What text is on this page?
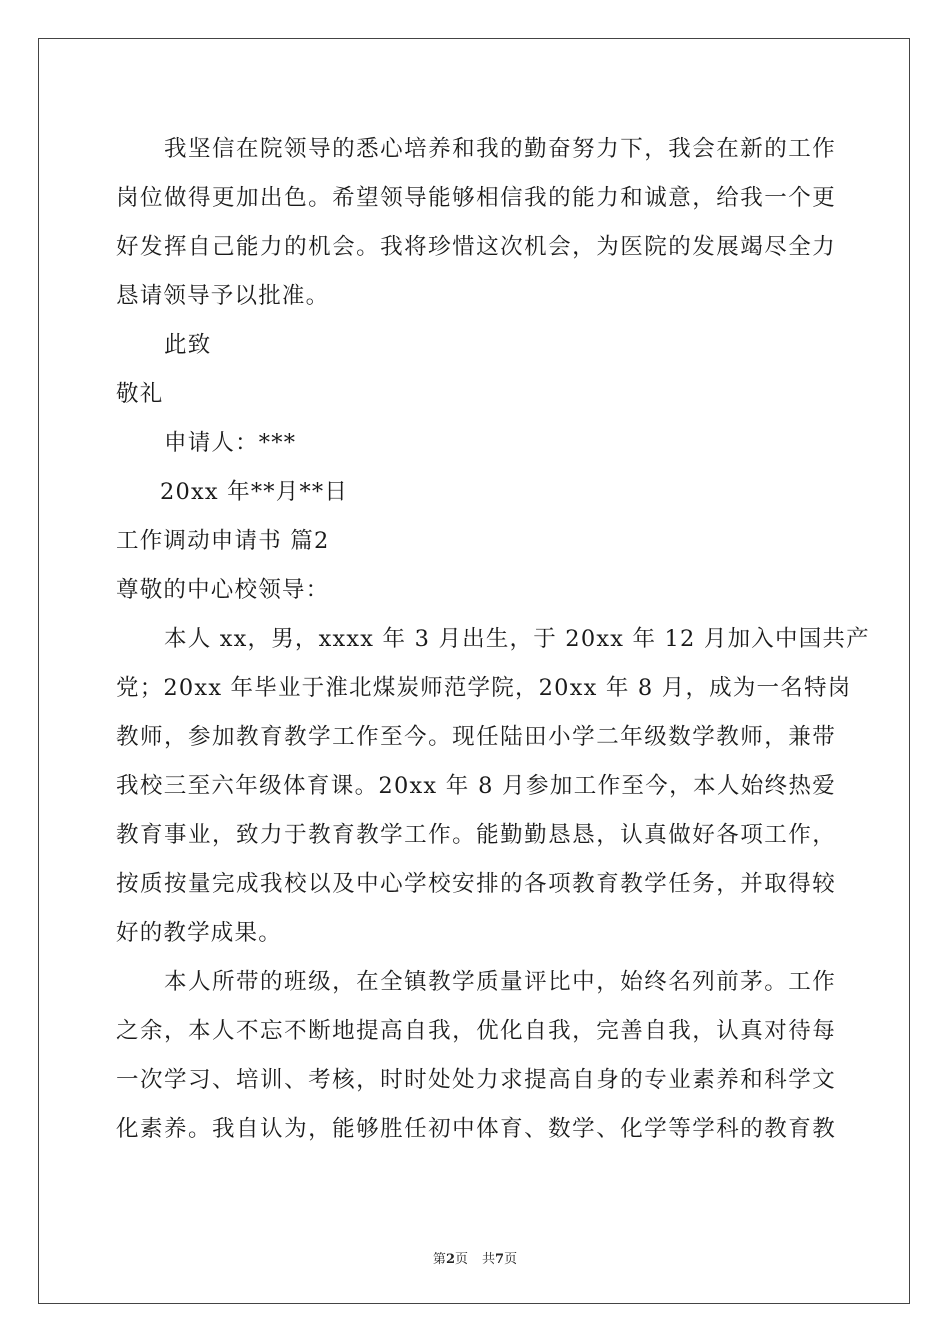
我坚信在院领导的悉心培养和我的勤奋努力下，我会在新的工作
岗位做得更加出色。希望领导能够相信我的能力和诚意，给我一个更
好发挥自己能力的机会。我将珍惜这次机会，为医院的发展竭尽全力
恳请领导予以批准。
此致
敬礼
申请人：***
20xx 年**月**日
工作调动申请书 篇2
尊敬的中心校领导：
本人 xx，男，xxxx 年 3 月出生，于 20xx 年 12 月加入中国共产
党；20xx 年毕业于淮北煤炭师范学院，20xx 年 8 月，成为一名特岗
教师，参加教育教学工作至今。现任陆田小学二年级数学教师，兼带
我校三至六年级体育课。20xx 年 8 月参加工作至今，本人始终热爱
教育事业，致力于教育教学工作。能勤勤恳恳，认真做好各项工作，
按质按量完成我校以及中心学校安排的各项教育教学任务，并取得较
好的教学成果。
本人所带的班级，在全镇教学质量评比中，始终名列前茅。工作
之余，本人不忘不断地提高自我，优化自我，完善自我，认真对待每
一次学习、培训、考核，时时处处力求提高自身的专业素养和科学文
化素养。我自认为，能够胜任初中体育、数学、化学等学科的教育教
第2页 共7页
